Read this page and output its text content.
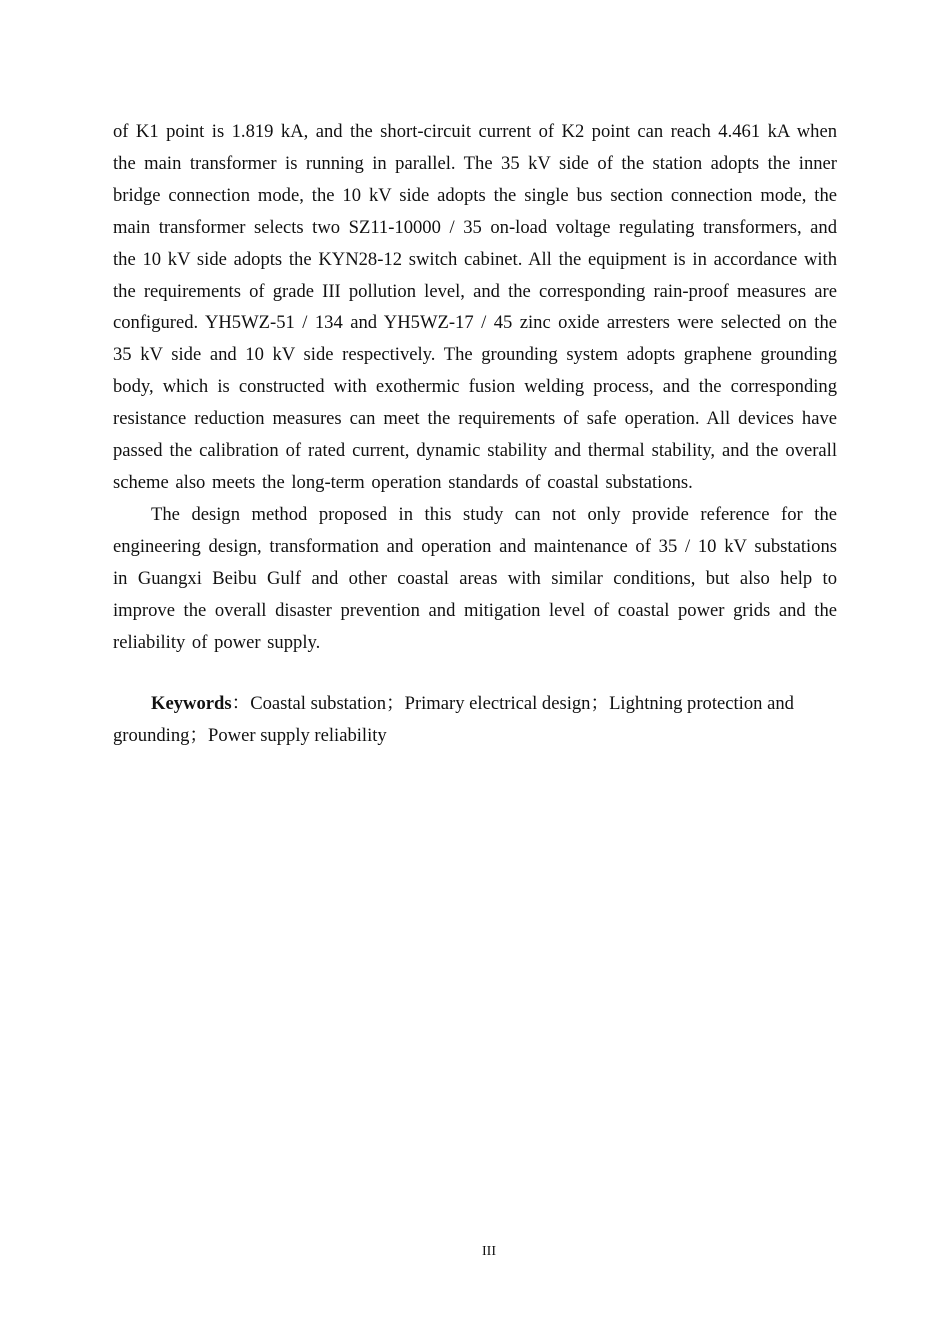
of K1 point is 1.819 kA, and the short-circuit current of K2 point can reach 4.461 kA when the main transformer is running in parallel. The 35 kV side of the station adopts the inner bridge connection mode, the 10 kV side adopts the single bus section connection mode, the main transformer selects two SZ11-10000 / 35 on-load voltage regulating transformers, and the 10 kV side adopts the KYN28-12 switch cabinet. All the equipment is in accordance with the requirements of grade III pollution level, and the corresponding rain-proof measures are configured. YH5WZ-51 / 134 and YH5WZ-17 / 45 zinc oxide arresters were selected on the 35 kV side and 10 kV side respectively. The grounding system adopts graphene grounding body, which is constructed with exothermic fusion welding process, and the corresponding resistance reduction measures can meet the requirements of safe operation. All devices have passed the calibration of rated current, dynamic stability and thermal stability, and the overall scheme also meets the long-term operation standards of coastal substations.

The design method proposed in this study can not only provide reference for the engineering design, transformation and operation and maintenance of 35 / 10 kV substations in Guangxi Beibu Gulf and other coastal areas with similar conditions, but also help to improve the overall disaster prevention and mitigation level of coastal power grids and the reliability of power supply.

Keywords：Coastal substation；Primary electrical design；Lightning protection and grounding；Power supply reliability

III
